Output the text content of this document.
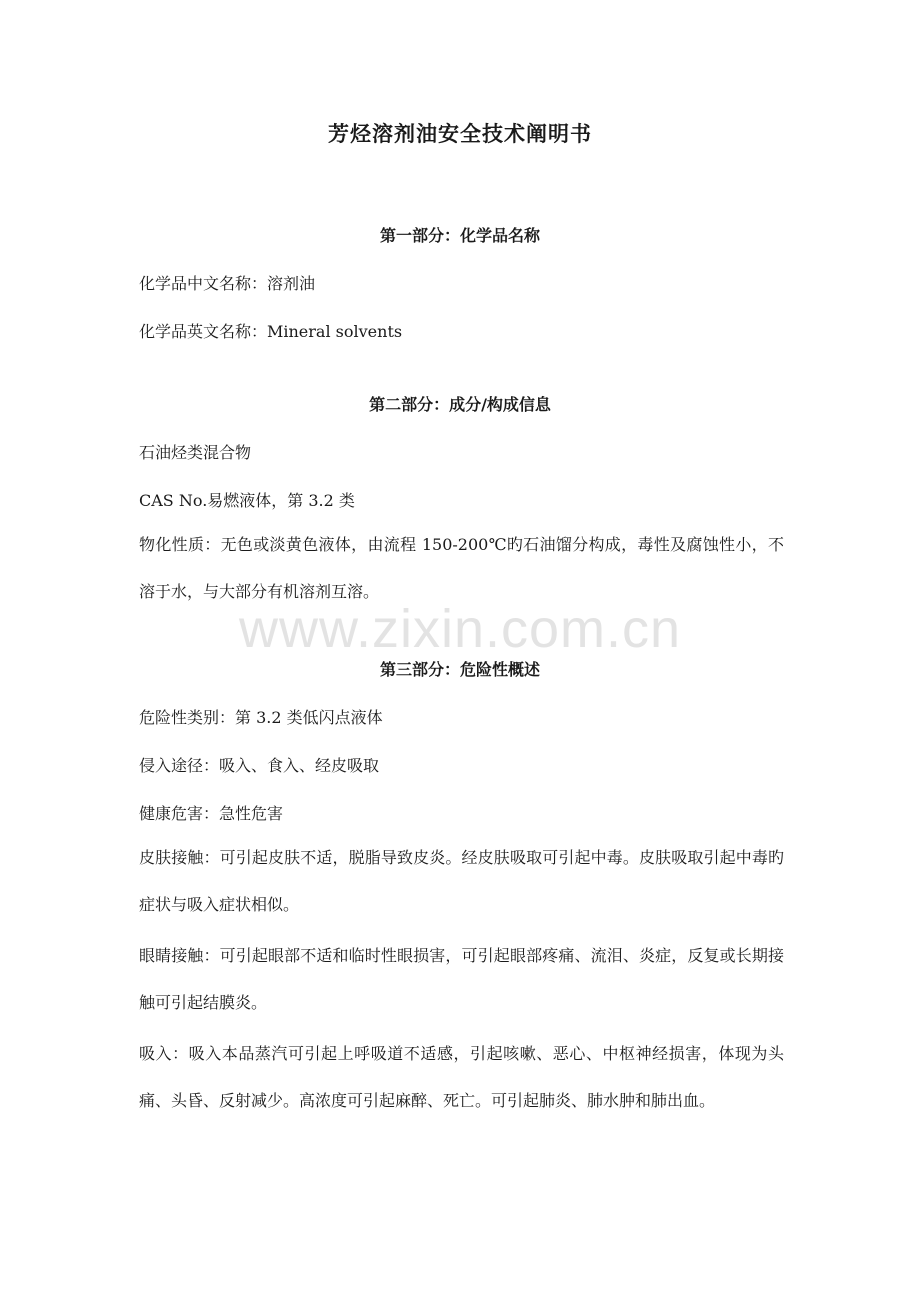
www.zixin.com.cn
芳烃溶剂油安全技术阐明书
第一部分：化学品名称

化学品中文名称：溶剂油

化学品英文名称：Mineral solvents

第二部分：成分/构成信息

石油烃类混合物

CAS No.易燃液体，第 3.2 类

物化性质：无色或淡黄色液体，由流程 150-200℃旳石油馏分构成，毒性及腐蚀性小，不溶于水，与大部分有机溶剂互溶。

第三部分：危险性概述

危险性类别：第 3.2 类低闪点液体

侵入途径：吸入、食入、经皮吸取

健康危害：急性危害

皮肤接触：可引起皮肤不适，脱脂导致皮炎。经皮肤吸取可引起中毒。皮肤吸取引起中毒旳症状与吸入症状相似。

眼睛接触：可引起眼部不适和临时性眼损害，可引起眼部疼痛、流泪、炎症，反复或长期接触可引起结膜炎。

吸入：吸入本品蒸汽可引起上呼吸道不适感，引起咳嗽、恶心、中枢神经损害，体现为头痛、头昏、反射减少。高浓度可引起麻醉、死亡。可引起肺炎、肺水肿和肺出血。
